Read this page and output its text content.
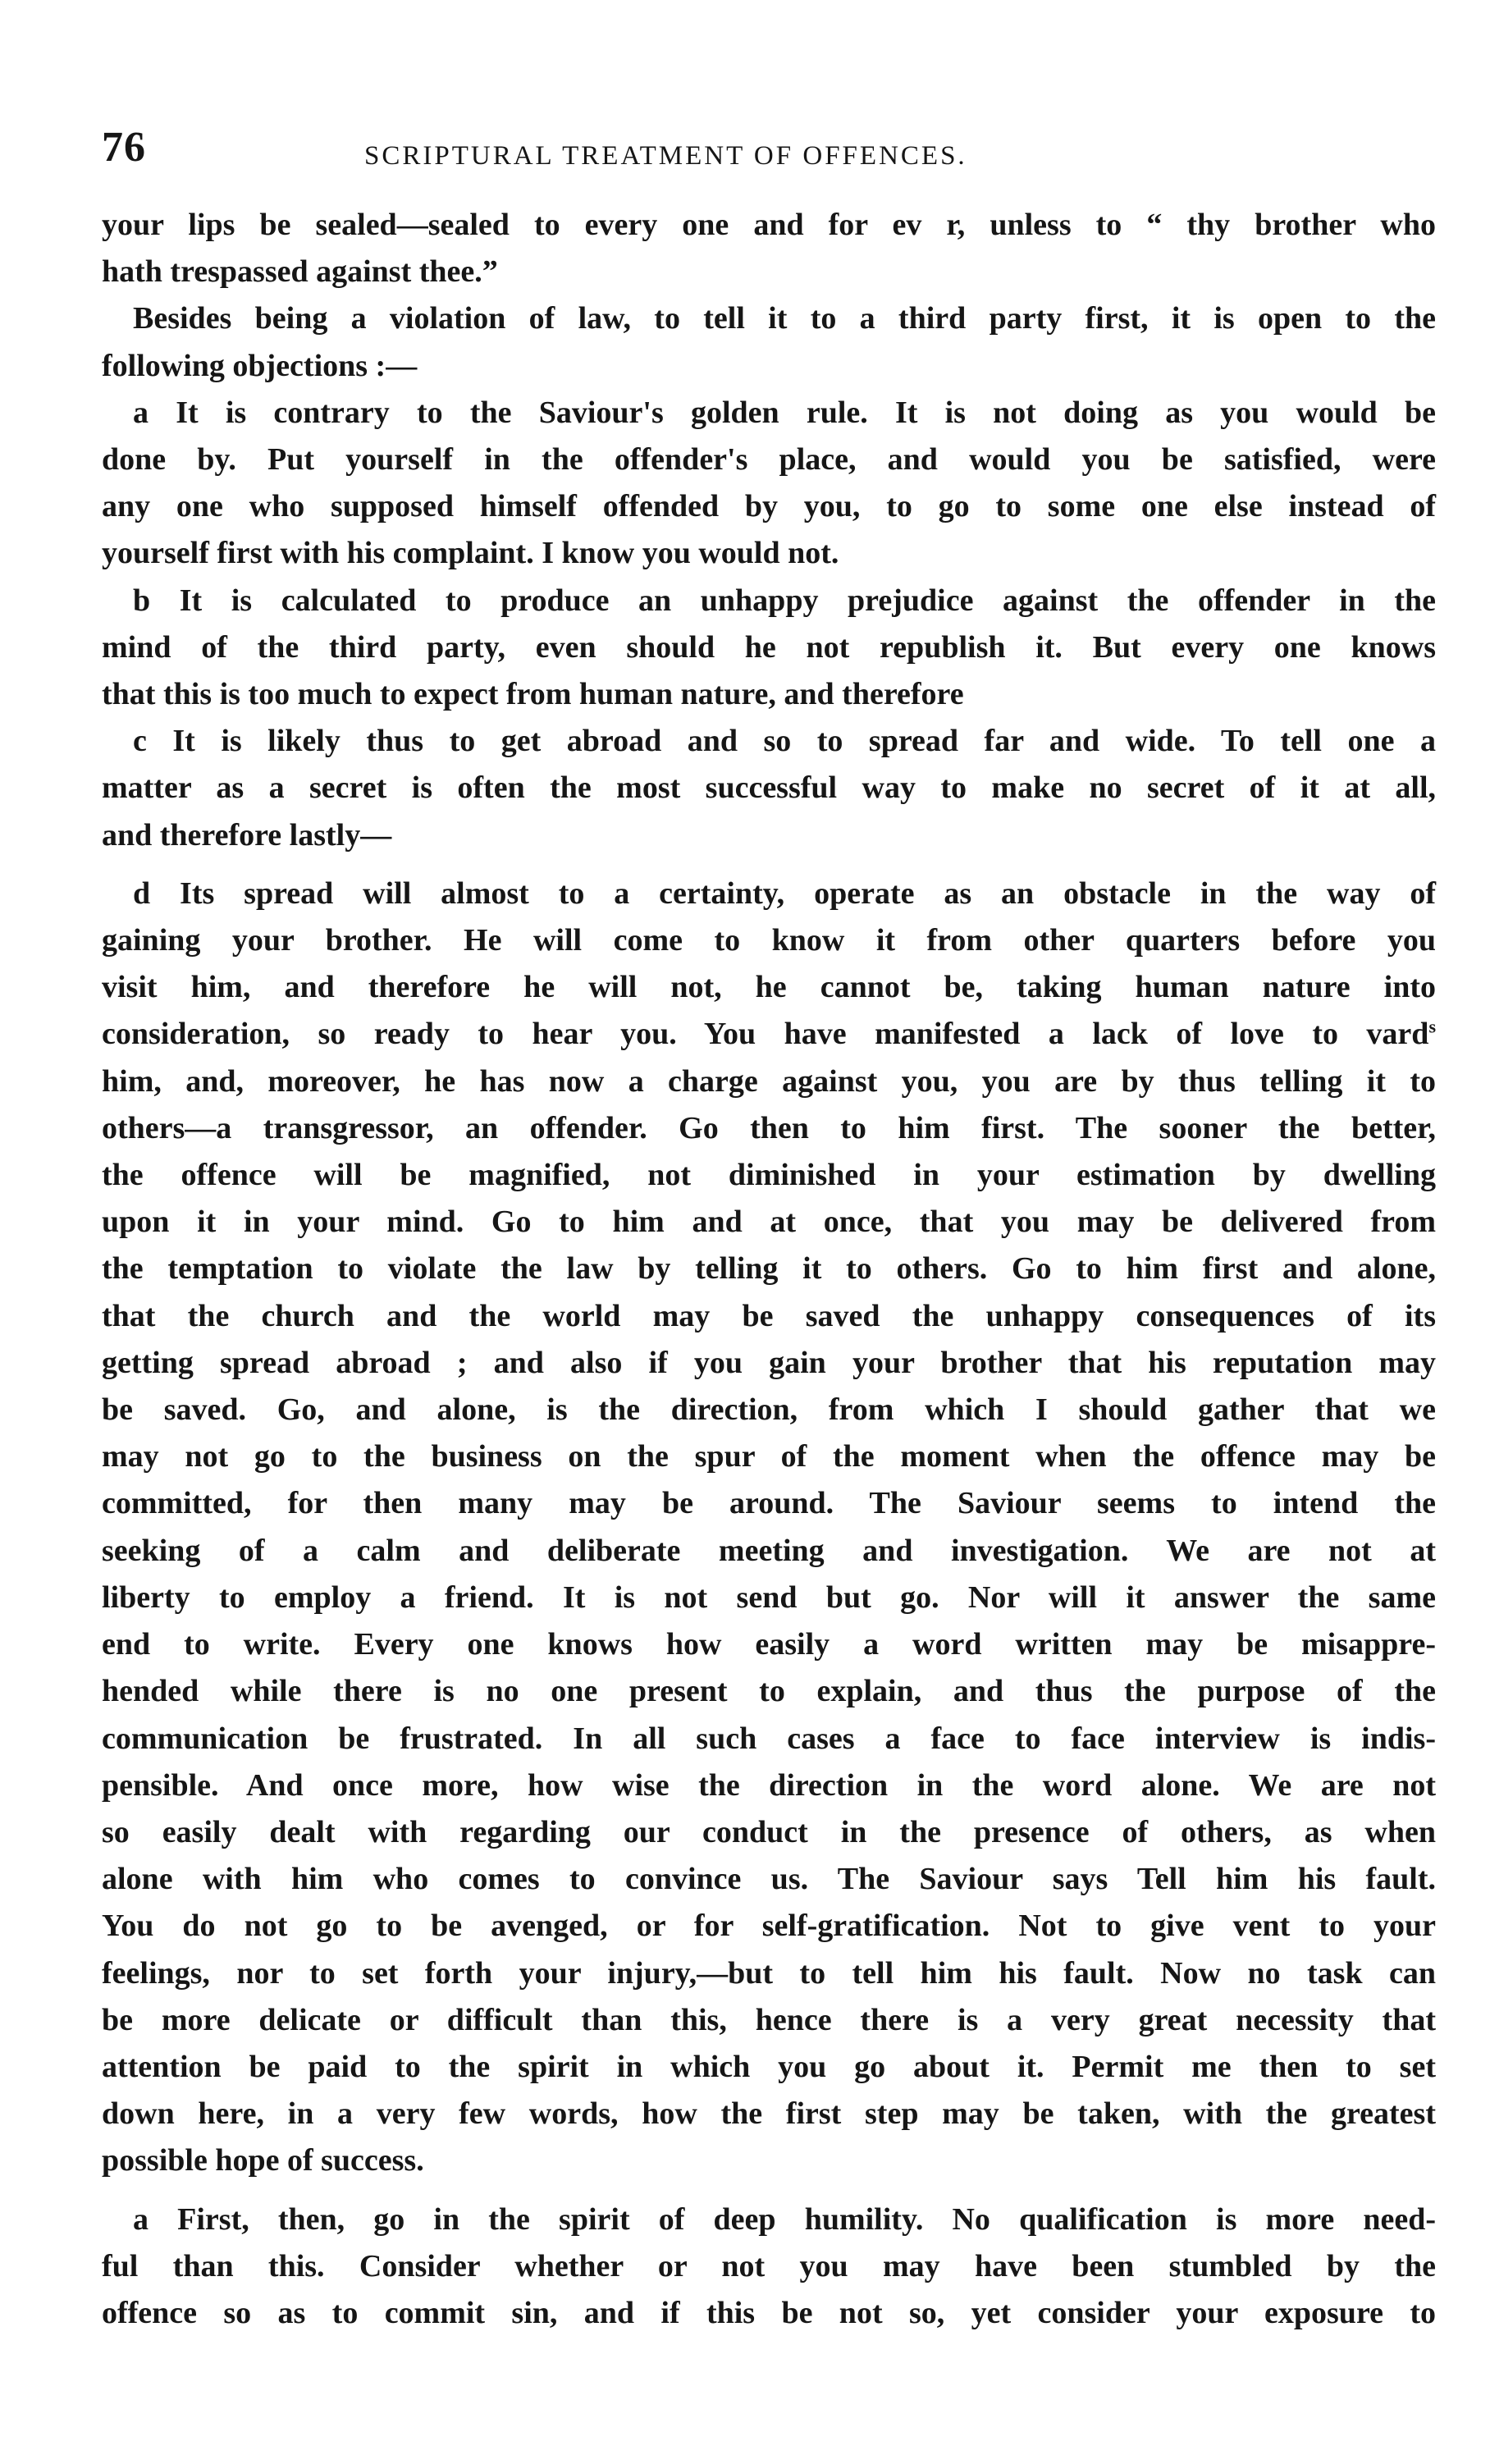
76	SCRIPTURAL TREATMENT OF OFFENCES.
your lips be sealed—sealed to every one and for ev r, unless to “ thy brother who
hath trespassed against thee.”
Besides being a violation of law, to tell it to a third party first, it is open to the
following objections :—
a It is contrary to the Saviour's golden rule. It is not doing as you would be
done by. Put yourself in the offender's place, and would you be satisfied, were
any one who supposed himself offended by you, to go to some one else instead of
yourself first with his complaint. I know you would not.
b It is calculated to produce an unhappy prejudice against the offender in the
mind of the third party, even should he not republish it. But every one knows
that this is too much to expect from human nature, and therefore
c It is likely thus to get abroad and so to spread far and wide. To tell one a
matter as a secret is often the most successful way to make no secret of it at all,
and therefore lastly—
d Its spread will almost to a certainty, operate as an obstacle in the way of
gaining your brother. He will come to know it from other quarters before you
visit him, and therefore he will not, he cannot be, taking human nature into
consideration, so ready to hear you. You have manifested a lack of love to vard$^s$
him, and, moreover, he has now a charge against you, you are by thus telling it to
others—a transgressor, an offender. Go then to him first. The sooner the better,
the offence will be magnified, not diminished in your estimation by dwelling
upon it in your mind. Go to him and at once, that you may be delivered from
the temptation to violate the law by telling it to others. Go to him first and alone,
that the church and the world may be saved the unhappy consequences of its
getting spread abroad ; and also if you gain your brother that his reputation may
be saved. Go, and alone, is the direction, from which I should gather that we
may not go to the business on the spur of the moment when the offence may be
committed, for then many may be around. The Saviour seems to intend the
seeking of a calm and deliberate meeting and investigation. We are not at
liberty to employ a friend. It is not send but go. Nor will it answer the same
end to write. Every one knows how easily a word written may be misappre-
hended while there is no one present to explain, and thus the purpose of the
communication be frustrated. In all such cases a face to face interview is indis-
pensible. And once more, how wise the direction in the word alone. We are not
so easily dealt with regarding our conduct in the presence of others, as when
alone with him who comes to convince us. The Saviour says Tell him his fault.
You do not go to be avenged, or for self-gratification. Not to give vent to your
feelings, nor to set forth your injury,—but to tell him his fault. Now no task can
be more delicate or difficult than this, hence there is a very great necessity that
attention be paid to the spirit in which you go about it. Permit me then to set
down here, in a very few words, how the first step may be taken, with the greatest
possible hope of success.
a First, then, go in the spirit of deep humility. No qualification is more need-
ful than this. Consider whether or not you may have been stumbled by the
offence so as to commit sin, and if this be not so, yet consider your exposure to
